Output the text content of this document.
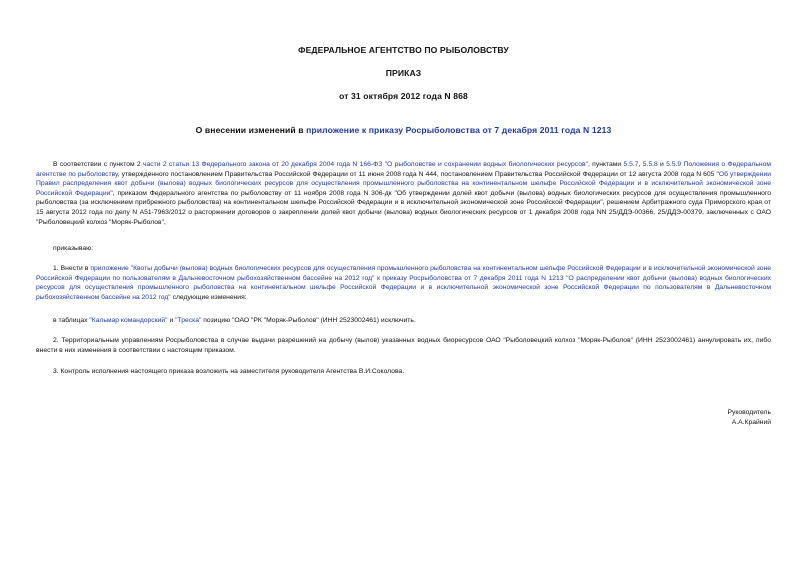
ФЕДЕРАЛЬНОЕ АГЕНТСТВО ПО РЫБОЛОВСТВУ
ПРИКАЗ
от 31 октября 2012 года N 868
О внесении изменений в приложение к приказу Росрыболовства от 7 декабря 2011 года N 1213
В соответствии с пунктом 2 части 2 статьи 13 Федерального закона от 20 декабря 2004 года N 166-ФЗ "О рыболовстве и сохранении водных биологических ресурсов", пунктами 5.5.7, 5.5.8 и 5.5.9 Положения о Федеральном агентстве по рыболовству, утвержденного постановлением Правительства Российской Федерации от 11 июня 2008 года N 444, постановлением Правительства Российской Федерации от 12 августа 2008 года N 605 "Об утверждении Правил распределения квот добычи (вылова) водных биологических ресурсов для осуществления промышленного рыболовства на континентальном шельфе Российской Федерации и в исключительной экономической зоне Российской Федерации", приказом Федерального агентства по рыболовству от 11 ноября 2008 года N 306-дк "Об утверждении долей квот добычи (вылова) водных биологических ресурсов для осуществления промышленного рыболовства (за исключением прибрежного рыболовства) на континентальном шельфе Российской Федерации и в исключительной экономической зоне Российской Федерации", решением Арбитражного суда Приморского края от 15 августа 2012 года по делу N А51-7963/2012 о расторжении договоров о закреплении долей квот добычи (вылова) водных биологических ресурсов от 1 декабря 2008 года NN 25/ДДЭ-00366, 25/ДДЭ-00379, заключенных с ОАО "Рыболовецкий колхоз "Моряк-Рыболов",
приказываю:
1. Внести в приложение "Квоты добычи (вылова) водных биологических ресурсов для осуществления промышленного рыболовства на континентальном шельфе Российской Федерации и в исключительной экономической зоне Российской Федерации по пользователям в Дальневосточном рыбохозяйственном бассейне на 2012 год" к приказу Росрыболовства от 7 декабря 2011 года N 1213 "О распределении квот добычи (вылова) водных биологических ресурсов для осуществления промышленного рыболовства на континентальном шельфе Российской Федерации и в исключительной экономической зоне Российской Федерации по пользователям в Дальневосточном рыбохозяйственном бассейне на 2012 год" следующие изменения:
в таблицах "Кальмар командорский" и "Треска" позицию "ОАО "РК "Моряк-Рыболов" (ИНН 2523002461) исключить.
2. Территориальным управлениям Росрыболовства в случае выдачи разрешений на добычу (вылов) указанных водных биоресурсов ОАО "Рыболовецкий колхоз "Моряк-Рыболов" (ИНН 2523002461) аннулировать их, либо внести в них изменения в соответствии с настоящим приказом.
3. Контроль исполнения настоящего приказа возложить на заместителя руководителя Агентства В.И.Соколова.
Руководитель
А.А.Крайний
